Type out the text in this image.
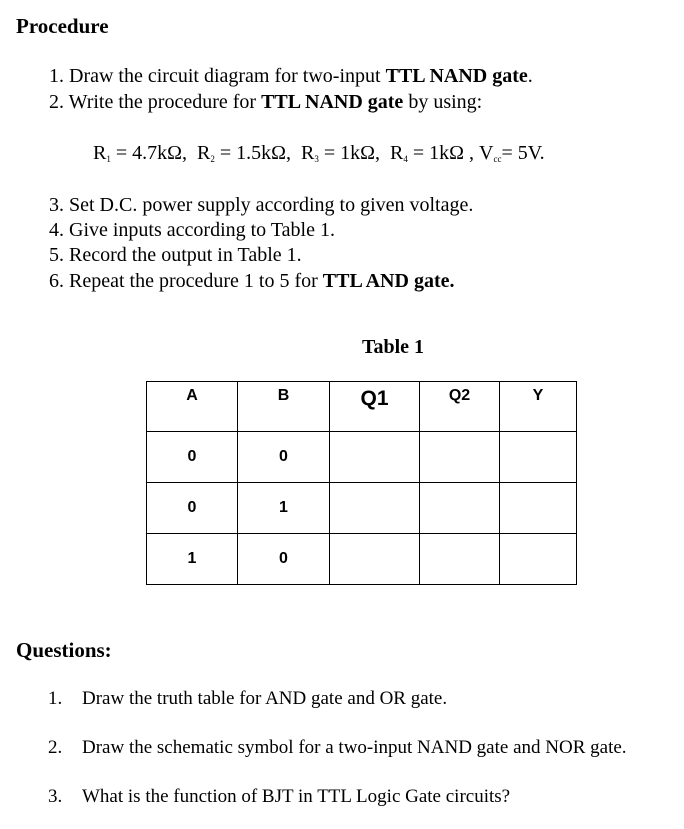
Procedure
1. Draw the circuit diagram for two-input TTL NAND gate.
2. Write the procedure for TTL NAND gate by using:
$R_1 = 4.7k\Omega$, $R_2 = 1.5k\Omega$, $R_3 = 1k\Omega$, $R_4 = 1k\Omega$ , $V_{cc}= 5V$.
3. Set D.C. power supply according to given voltage.
4. Give inputs according to Table 1.
5. Record the output in Table 1.
6. Repeat the procedure 1 to 5 for TTL AND gate.
Table 1
A	B	Q1	Q2	Y
0	0			
0	1			
1	0			
Questions:
1. Draw the truth table for AND gate and OR gate.
2. Draw the schematic symbol for a two-input NAND gate and NOR gate.
3. What is the function of BJT in TTL Logic Gate circuits?
